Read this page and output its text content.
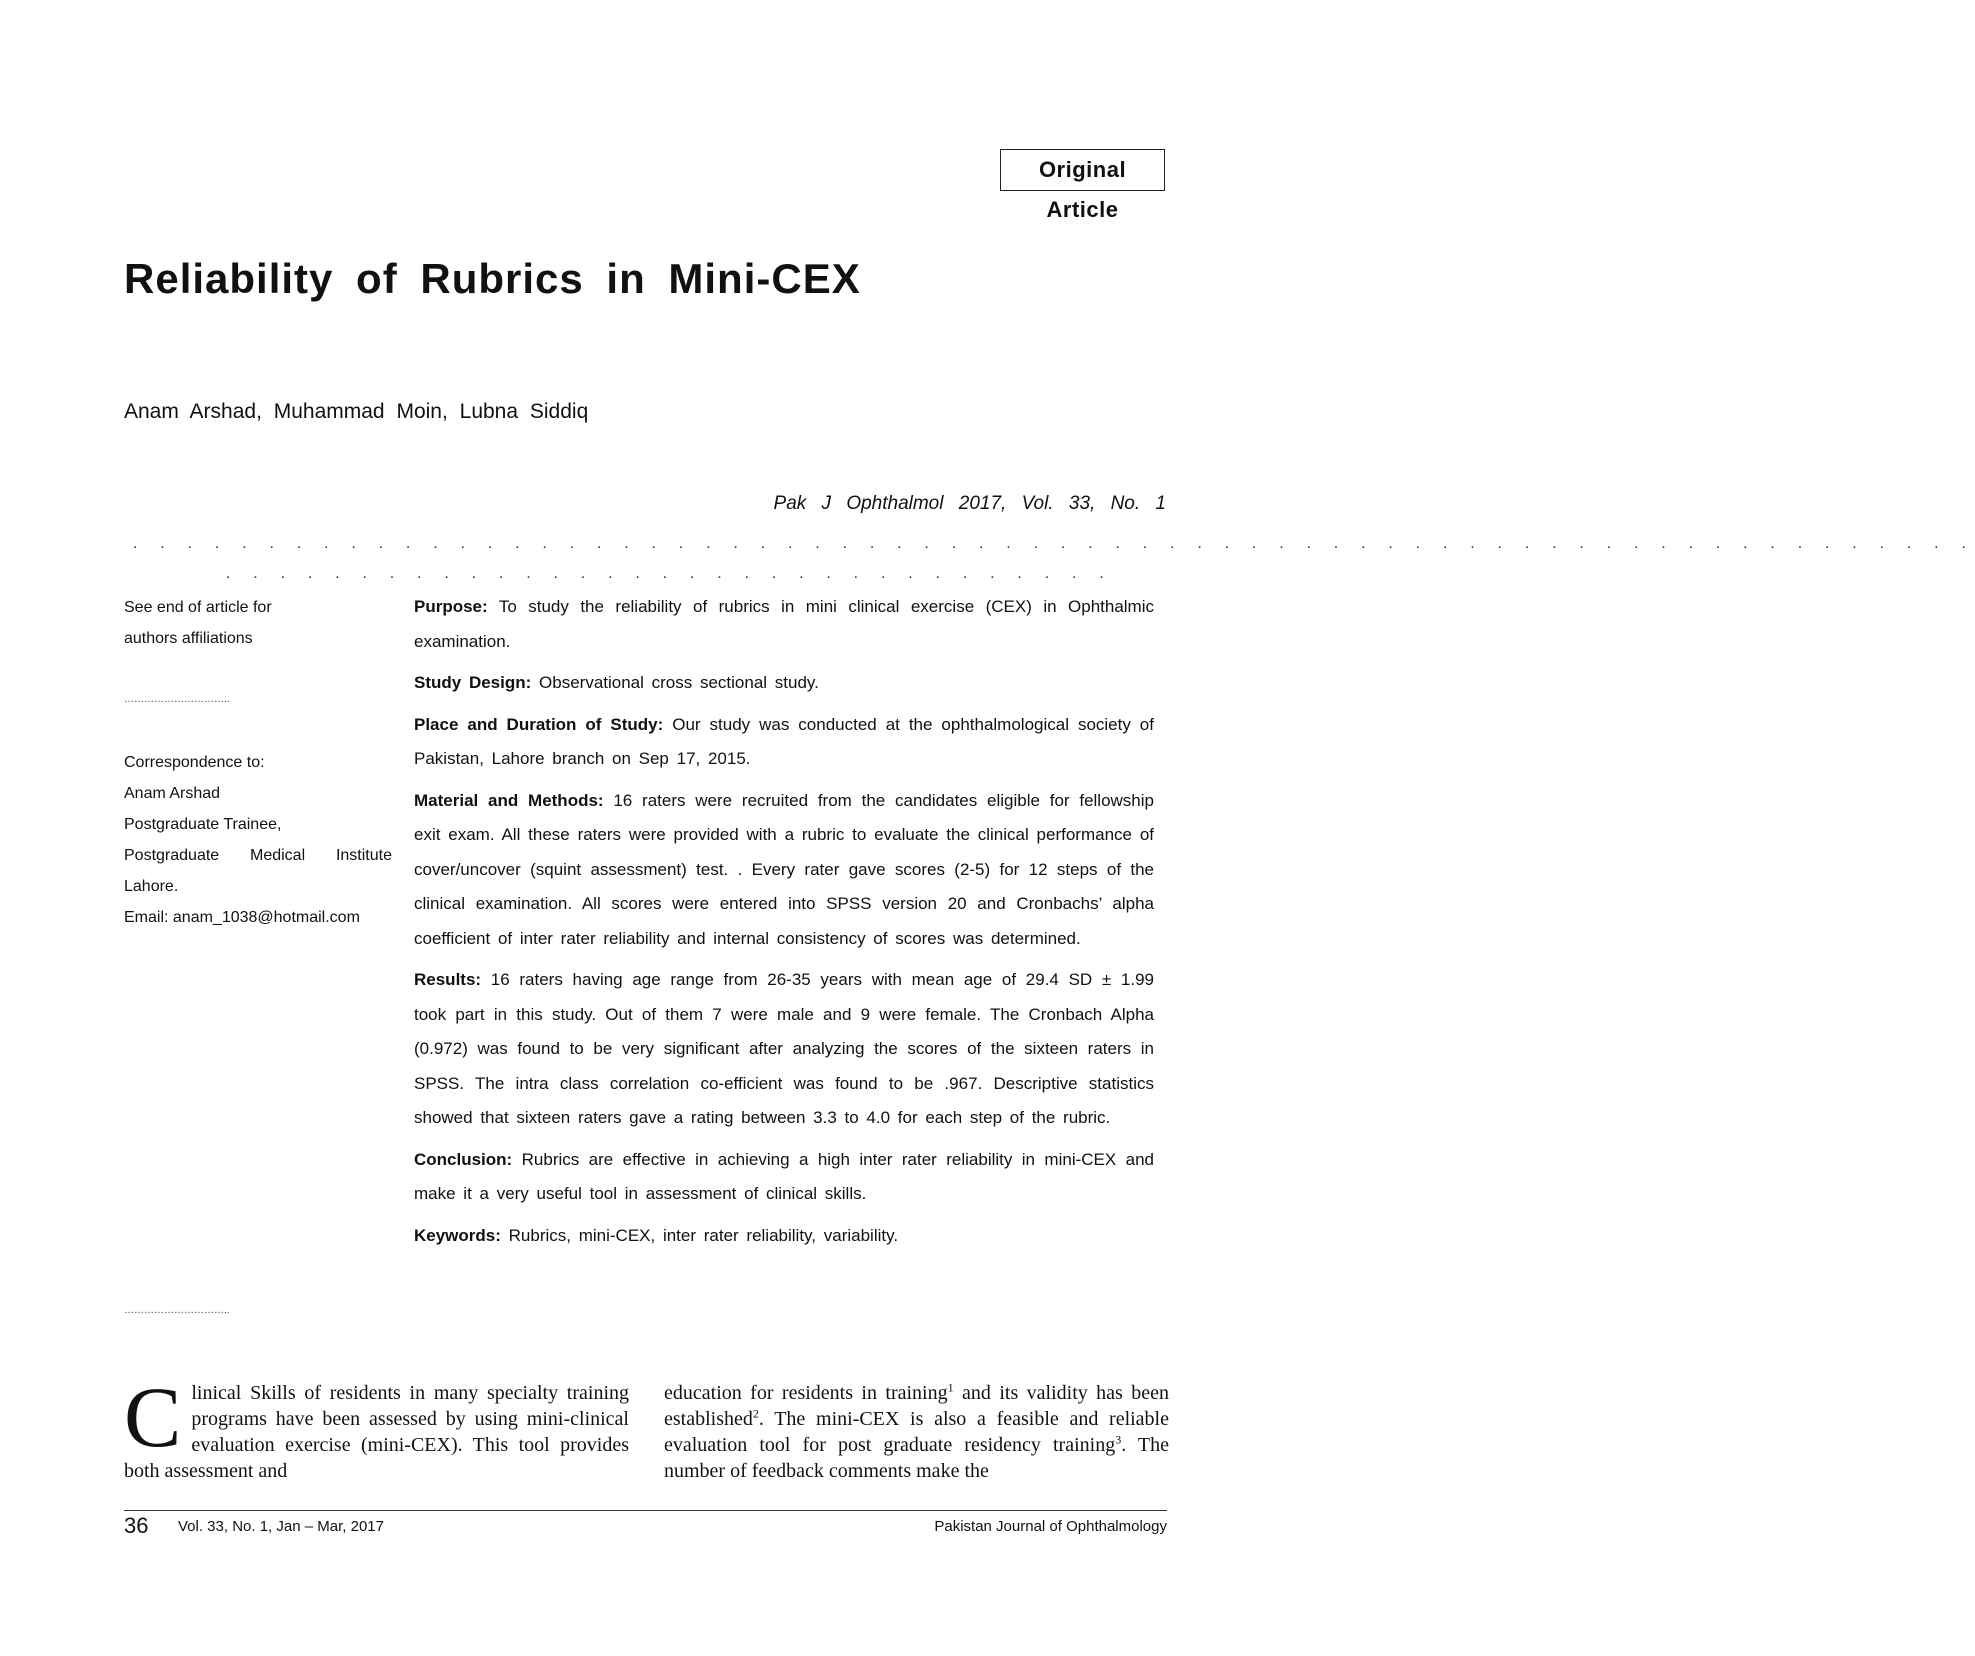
Original Article
Reliability of Rubrics in Mini-CEX
Anam Arshad, Muhammad Moin, Lubna Siddiq
Pak J Ophthalmol 2017, Vol. 33, No. 1
. . . . . . . . . . . . . . . . . . . . . . . . . . . . . . . . . . . . . . . . . . . . . . . . . . . . . . . . . . . . . . . . . . . .
. . . . . . . . . . . . . . . . . . . . . . . . . . . . . . . . .
See end of article for
authors affiliations
Correspondence to:
Anam Arshad
Postgraduate Trainee,
Postgraduate Medical Institute
Lahore.
Email: anam_1038@hotmail.com
…………………………..
…………………………..

Purpose: To study the reliability of rubrics in mini clinical exercise (CEX) in Ophthalmic examination.

Study Design: Observational cross sectional study.

Place and Duration of Study: Our study was conducted at the ophthalmological society of Pakistan, Lahore branch on Sep 17, 2015.

Material and Methods: 16 raters were recruited from the candidates eligible for fellowship exit exam. All these raters were provided with a rubric to evaluate the clinical performance of cover/uncover (squint assessment) test. . Every rater gave scores (2-5) for 12 steps of the clinical examination. All scores were entered into SPSS version 20 and Cronbachs’ alpha coefficient of inter rater reliability and internal consistency of scores was determined.

Results: 16 raters having age range from 26-35 years with mean age of 29.4 SD ± 1.99 took part in this study. Out of them 7 were male and 9 were female. The Cronbach Alpha (0.972) was found to be very significant after analyzing the scores of the sixteen raters in SPSS. The intra class correlation co-efficient was found to be .967. Descriptive statistics showed that sixteen raters gave a rating between 3.3 to 4.0 for each step of the rubric.

Conclusion: Rubrics are effective in achieving a high inter rater reliability in mini-CEX and make it a very useful tool in assessment of clinical skills.

Keywords: Rubrics, mini-CEX, inter rater reliability, variability.

Clinical Skills of residents in many specialty training programs have been assessed by using mini-clinical evaluation exercise (mini-CEX). This tool provides both assessment and
education for residents in training$^1$ and its validity has been established$^2$. The mini-CEX is also a feasible and reliable evaluation tool for post graduate residency training$^3$. The number of feedback comments make the
36 Vol. 33, No. 1, Jan – Mar, 2017	Pakistan Journal of Ophthalmology
